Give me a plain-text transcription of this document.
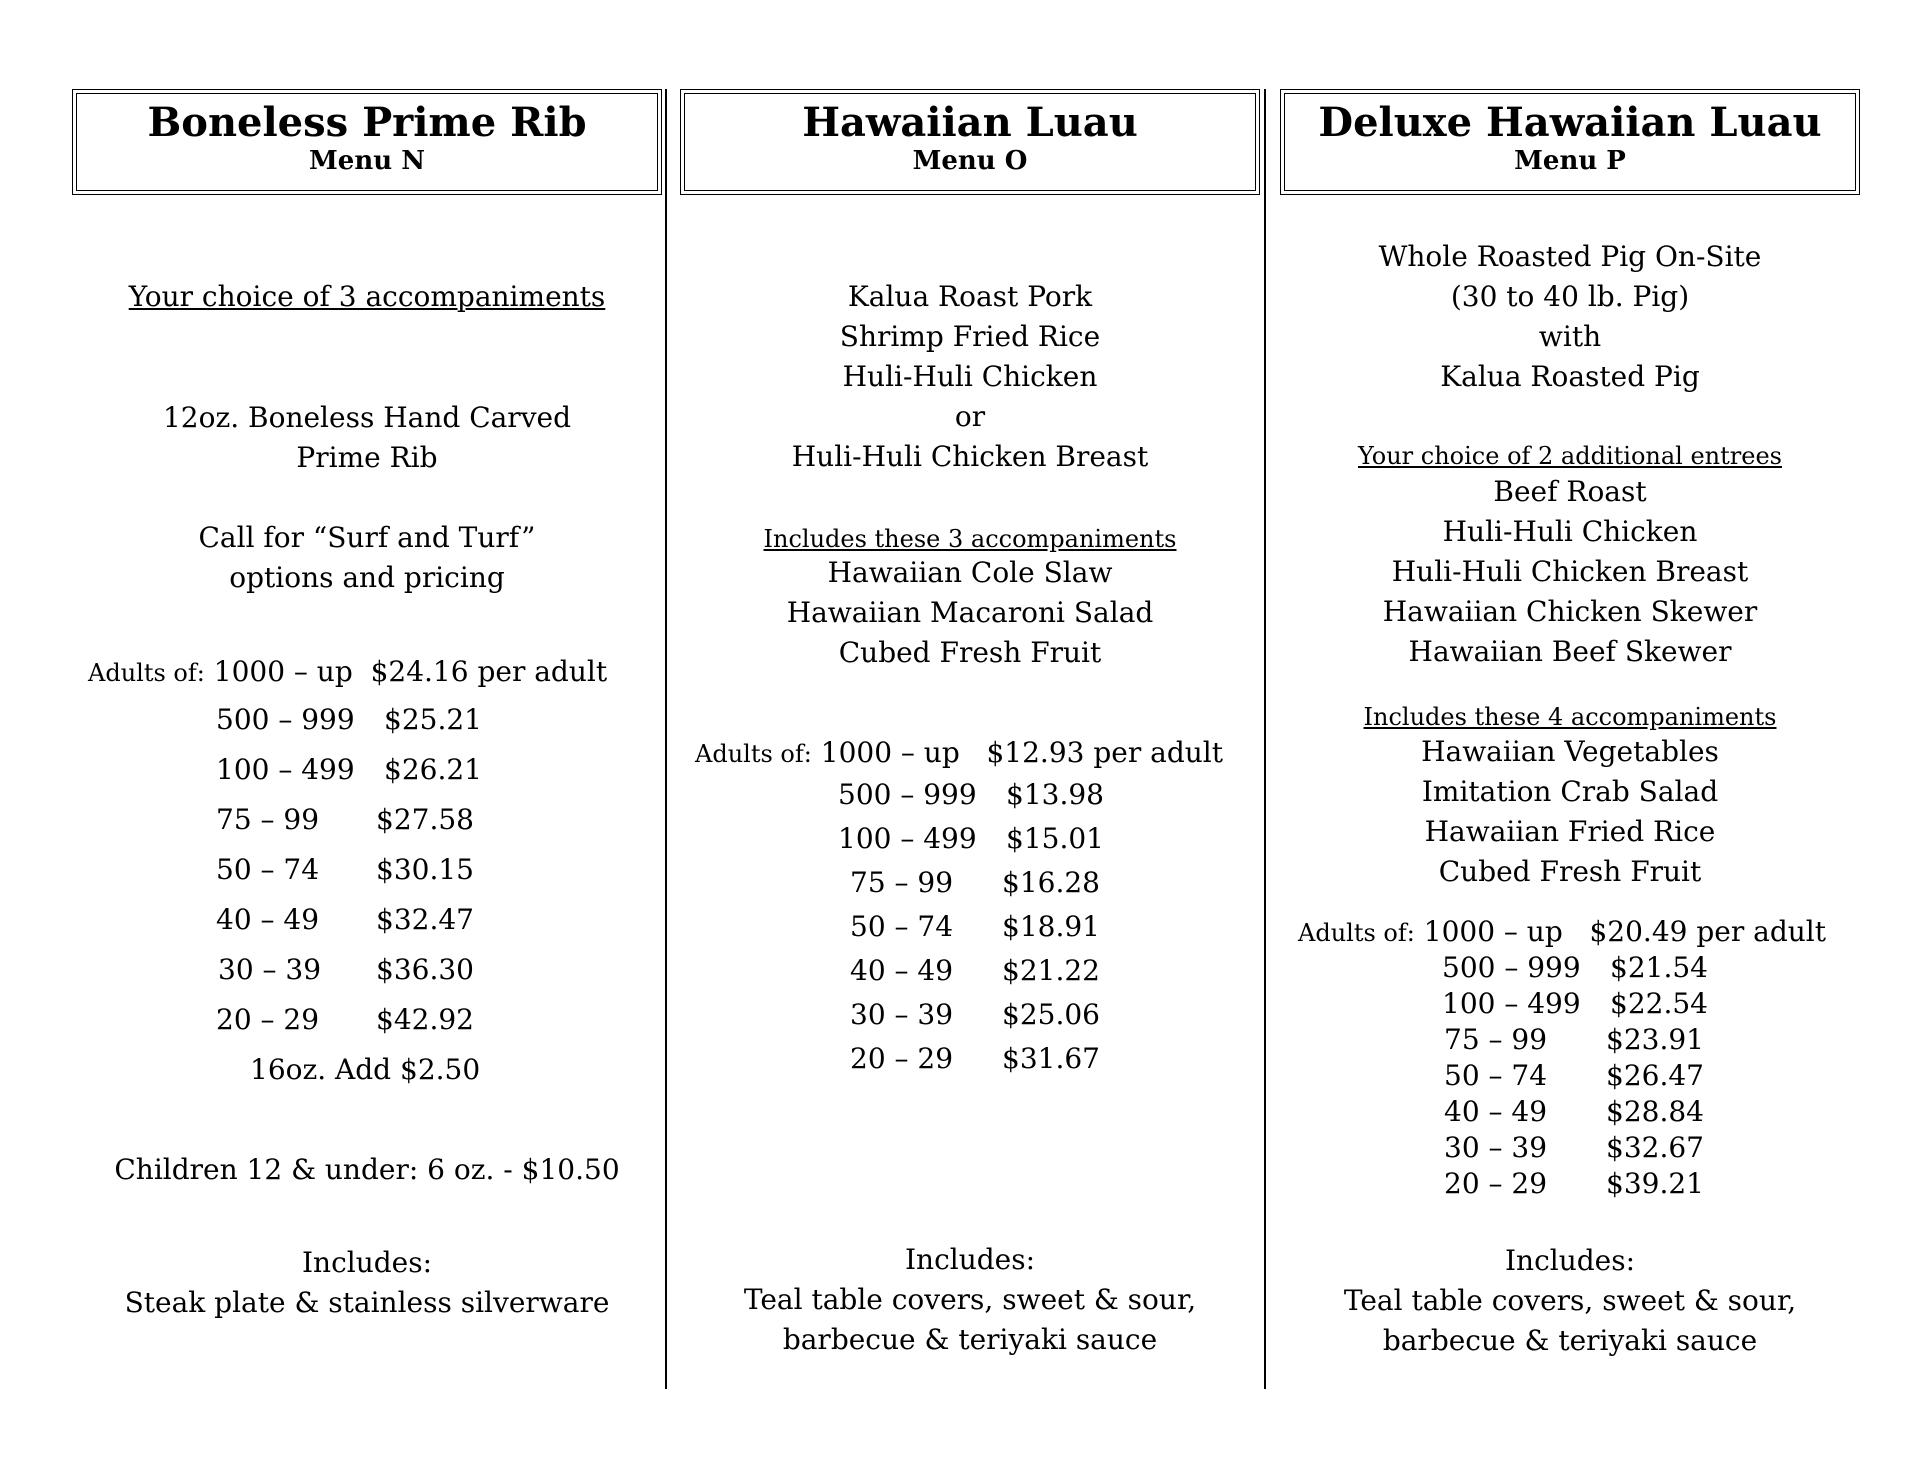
Boneless Prime Rib
Menu N
Your choice of 3 accompaniments
12oz. Boneless Hand Carved
Prime Rib
Call for “Surf and Turf”
options and pricing
Adults of: 1000 – up $24.16 per adult
500 – 999 $25.21
100 – 499 $26.21
75 – 99 $27.58
50 – 74 $30.15
40 – 49 $32.47
30 – 39 $36.30
20 – 29 $42.92
16oz. Add $2.50
Children 12 & under: 6 oz. - $10.50
Includes:
Steak plate & stainless silverware
Hawaiian Luau
Menu O
Kalua Roast Pork
Shrimp Fried Rice
Huli-Huli Chicken
or
Huli-Huli Chicken Breast
Includes these 3 accompaniments
Hawaiian Cole Slaw
Hawaiian Macaroni Salad
Cubed Fresh Fruit
Adults of: 1000 – up $12.93 per adult
500 – 999 $13.98
100 – 499 $15.01
75 – 99 $16.28
50 – 74 $18.91
40 – 49 $21.22
30 – 39 $25.06
20 – 29 $31.67
Includes:
Teal table covers, sweet & sour,
barbecue & teriyaki sauce
Deluxe Hawaiian Luau
Menu P
Whole Roasted Pig On-Site
(30 to 40 lb. Pig)
with
Kalua Roasted Pig
Your choice of 2 additional entrees
Beef Roast
Huli-Huli Chicken
Huli-Huli Chicken Breast
Hawaiian Chicken Skewer
Hawaiian Beef Skewer
Includes these 4 accompaniments
Hawaiian Vegetables
Imitation Crab Salad
Hawaiian Fried Rice
Cubed Fresh Fruit
Adults of: 1000 – up $20.49 per adult
500 – 999 $21.54
100 – 499 $22.54
75 – 99 $23.91
50 – 74 $26.47
40 – 49 $28.84
30 – 39 $32.67
20 – 29 $39.21
Includes:
Teal table covers, sweet & sour,
barbecue & teriyaki sauce
